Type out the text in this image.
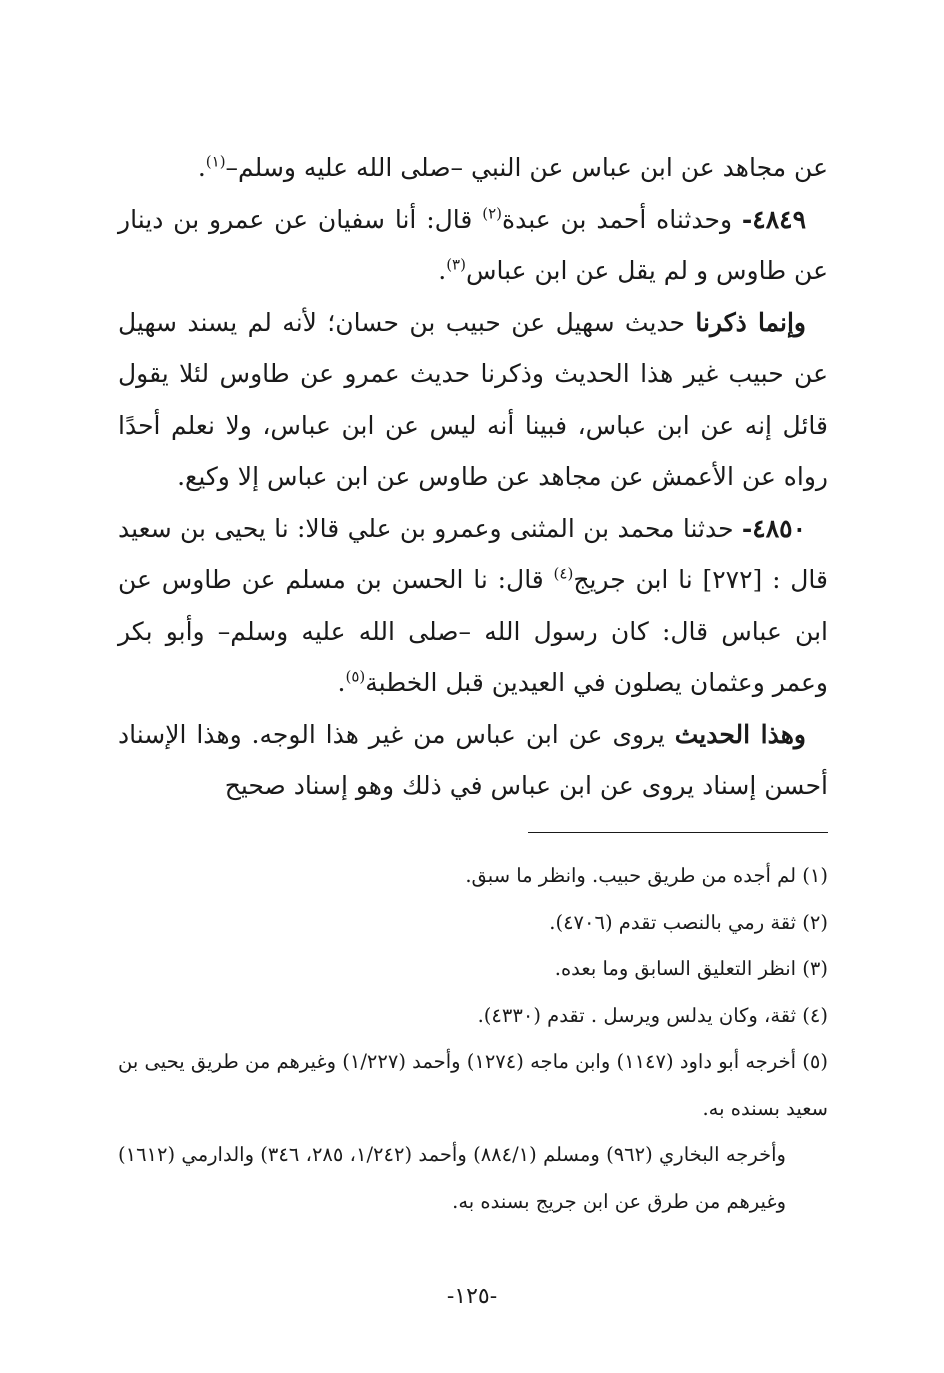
عن مجاهد عن ابن عباس عن النبي –صلى الله عليه وسلم–$^{(١)}$.

٤٨٤٩- وحدثناه أحمد بن عبدة$^{(٢)}$ قال: أنا سفيان عن عمرو بن دينار عن طاوس و لم يقل عن ابن عباس$^{(٣)}$.

وإنما ذكرنا حديث سهيل عن حبيب بن حسان؛ لأنه لم يسند سهيل عن حبيب غير هذا الحديث وذكرنا حديث عمرو عن طاوس لئلا يقول قائل إنه عن ابن عباس، فبينا أنه ليس عن ابن عباس، ولا نعلم أحدًا رواه عن الأعمش عن مجاهد عن طاوس عن ابن عباس إلا وكيع.

٤٨٥٠- حدثنا محمد بن المثنى وعمرو بن علي قالا: نا يحيى بن سعيد قال : [٢٧٢] نا ابن جريج$^{(٤)}$ قال: نا الحسن بن مسلم عن طاوس عن ابن عباس قال: كان رسول الله –صلى الله عليه وسلم– وأبو بكر وعمر وعثمان يصلون في العيدين قبل الخطبة$^{(٥)}$.

وهذا الحديث يروى عن ابن عباس من غير هذا الوجه. وهذا الإسناد أحسن إسناد يروى عن ابن عباس في ذلك وهو إسناد صحيح

(١) لم أجده من طريق حبيب. وانظر ما سبق.

(٢) ثقة رمي بالنصب تقدم (٤٧٠٦).

(٣) انظر التعليق السابق وما بعده.

(٤) ثقة، وكان يدلس ويرسل . تقدم (٤٣٣٠).

(٥) أخرجه أبو داود (١١٤٧) وابن ماجه (١٢٧٤) وأحمد (١/٢٢٧) وغيرهم من طريق يحيى بن سعيد بسنده به.

وأخرجه البخاري (٩٦٢) ومسلم (٨٨٤/١) وأحمد (١/٢٤٢، ٢٨٥، ٣٤٦) والدارمي (١٦١٢) وغيرهم من طرق عن ابن جريج بسنده به.

-١٢٥-
